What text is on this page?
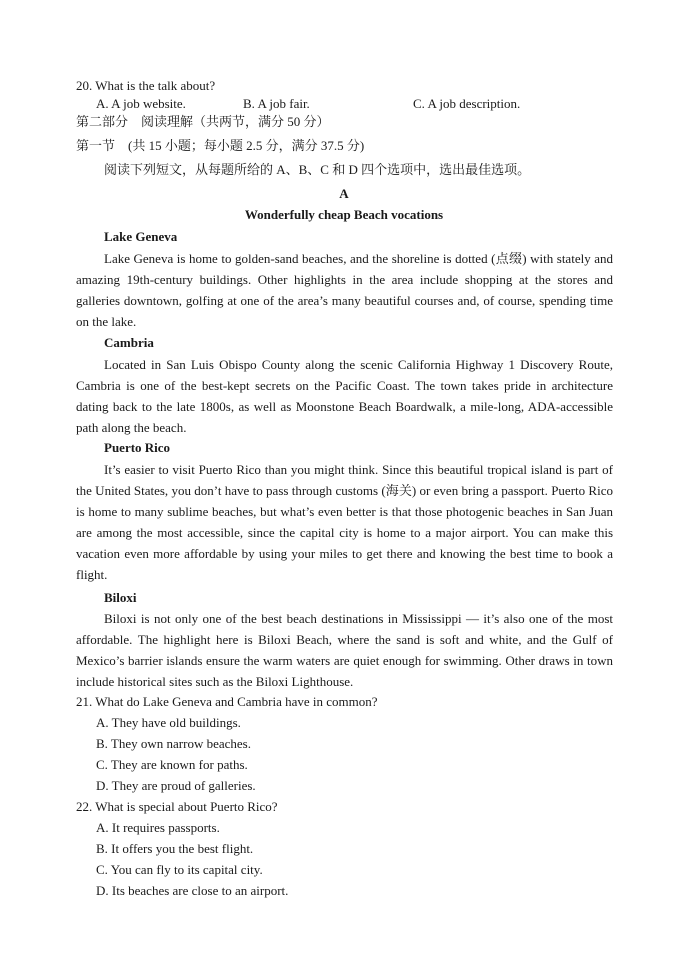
20. What is the talk about?
A. A job website.	B. A job fair.	C. A job description.
第二部分　阅读理解（共两节，满分 50 分）
第一节　(共 15 小题；每小题 2.5 分，满分 37.5 分)
阅读下列短文，从每题所给的 A、B、C 和 D 四个选项中，选出最佳选项。
A
Wonderfully cheap Beach vocations
Lake Geneva

Lake Geneva is home to golden-sand beaches, and the shoreline is dotted (点缀) with stately and amazing 19th-century buildings. Other highlights in the area include shopping at the stores and galleries downtown, golfing at one of the area’s many beautiful courses and, of course, spending time on the lake.

Cambria

Located in San Luis Obispo County along the scenic California Highway 1 Discovery Route, Cambria is one of the best-kept secrets on the Pacific Coast. The town takes pride in architecture dating back to the late 1800s, as well as Moonstone Beach Boardwalk, a mile-long, ADA-accessible path along the beach.

Puerto Rico

It’s easier to visit Puerto Rico than you might think. Since this beautiful tropical island is part of the United States, you don’t have to pass through customs (海关) or even bring a passport. Puerto Rico is home to many sublime beaches, but what’s even better is that those photogenic beaches in San Juan are among the most accessible, since the capital city is home to a major airport. You can make this vacation even more affordable by using your miles to get there and knowing the best time to book a flight.

Biloxi

Biloxi is not only one of the best beach destinations in Mississippi — it’s also one of the most affordable. The highlight here is Biloxi Beach, where the sand is soft and white, and the Gulf of Mexico’s barrier islands ensure the warm waters are quiet enough for swimming. Other draws in town include historical sites such as the Biloxi Lighthouse.

21. What do Lake Geneva and Cambria have in common?
A. They have old buildings.
B. They own narrow beaches.
C. They are known for paths.
D. They are proud of galleries.
22. What is special about Puerto Rico?
A. It requires passports.
B. It offers you the best flight.
C. You can fly to its capital city.
D. Its beaches are close to an airport.
